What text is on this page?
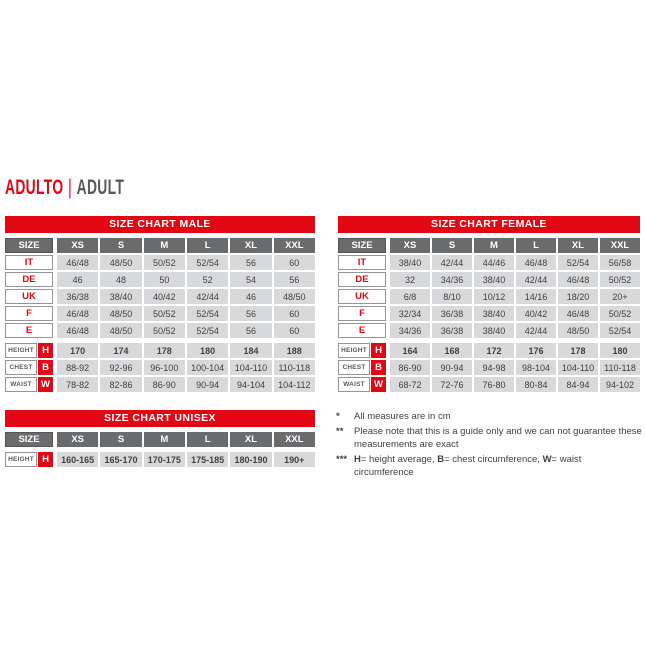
ADULTO | ADULT
SIZE CHART MALE
SIZE	XS	S	M	L	XL	XXL
IT	46/48	48/50	50/52	52/54	56	60
DE	46	48	50	52	54	56
UK	36/38	38/40	40/42	42/44	46	48/50
F	46/48	48/50	50/52	52/54	56	60
E	46/48	48/50	50/52	52/54	56	60
HEIGHT H	170	174	178	180	184	188
CHEST	B	88-92	92-96	96-100	100-104	104-110	110-118
WAIST W	78-82	82-86	86-90	90-94	94-104	104-112
SIZE CHART FEMALE
SIZE	XS	S	M	L	XL	XXL
IT	38/40	42/44	44/46	46/48	52/54	56/58
DE	32	34/36	38/40	42/44	46/48	50/52
UK	6/8	8/10	10/12	14/16	18/20	20+
F	32/34	36/38	38/40	40/42	46/48	50/52
E	34/36	36/38	38/40	42/44	48/50	52/54
HEIGHT H	164	168	172	176	178	180
CHEST	B	86-90	90-94	94-98	98-104	104-110	110-118
WAIST W	68-72	72-76	76-80	80-84	84-94	94-102
SIZE CHART UNISEX
SIZE	XS	S	M	L	XL	XXL
HEIGHT H	160-165	165-170	170-175	175-185	180-190	190+
*	All measures are in cm
**	Please note that this is a guide only and we can not guarantee these measurements are exact
*** H= height average, B= chest circumference, W= waist circumference
